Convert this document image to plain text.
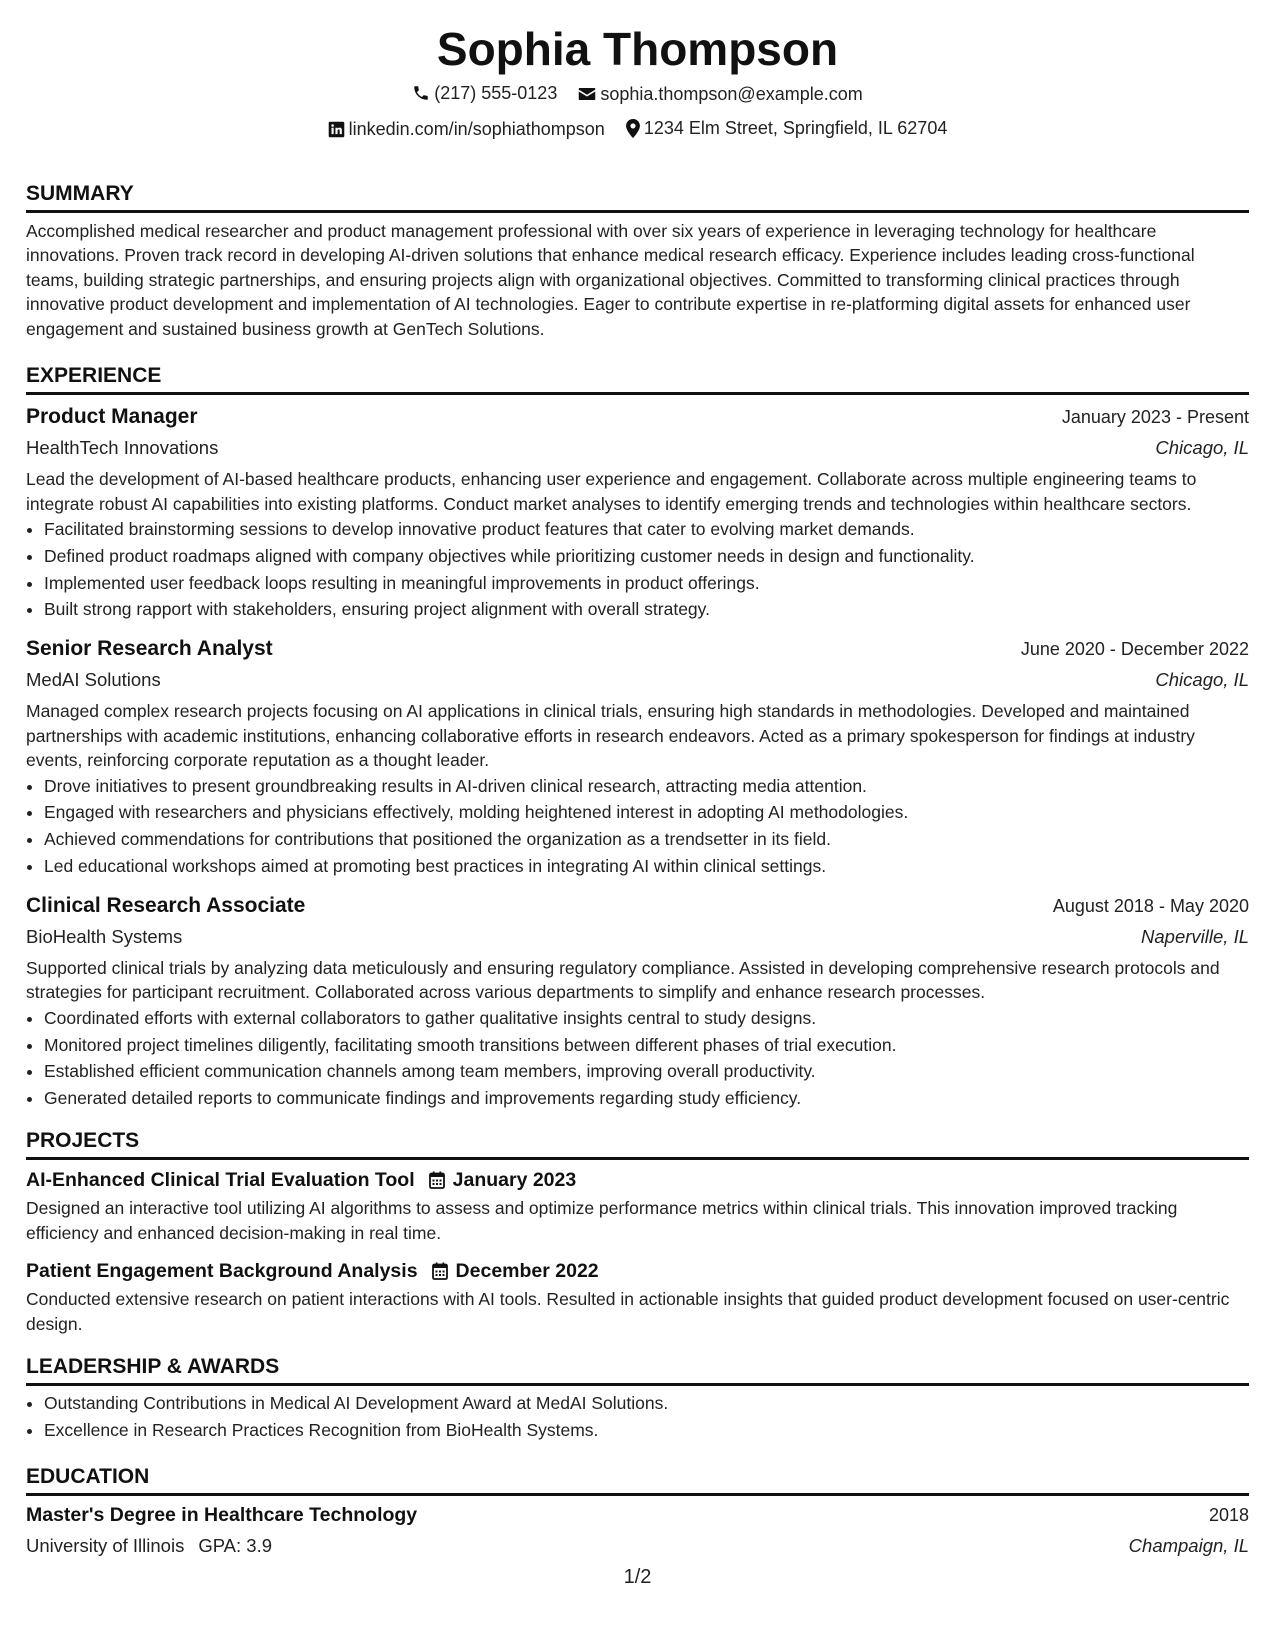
Sophia Thompson
(217) 555-0123
sophia.thompson@example.com
linkedin.com/in/sophiathompson
1234 Elm Street, Springfield, IL 62704
SUMMARY
Accomplished medical researcher and product management professional with over six years of experience in leveraging technology for healthcare innovations. Proven track record in developing AI-driven solutions that enhance medical research efficacy. Experience includes leading cross-functional teams, building strategic partnerships, and ensuring projects align with organizational objectives. Committed to transforming clinical practices through innovative product development and implementation of AI technologies. Eager to contribute expertise in re-platforming digital assets for enhanced user engagement and sustained business growth at GenTech Solutions.
EXPERIENCE
Product Manager	January 2023 - Present
HealthTech Innovations	Chicago, IL
Lead the development of AI-based healthcare products, enhancing user experience and engagement. Collaborate across multiple engineering teams to integrate robust AI capabilities into existing platforms. Conduct market analyses to identify emerging trends and technologies within healthcare sectors.
• Facilitated brainstorming sessions to develop innovative product features that cater to evolving market demands.
• Defined product roadmaps aligned with company objectives while prioritizing customer needs in design and functionality.
• Implemented user feedback loops resulting in meaningful improvements in product offerings.
• Built strong rapport with stakeholders, ensuring project alignment with overall strategy.
Senior Research Analyst	June 2020 - December 2022
MedAI Solutions	Chicago, IL
Managed complex research projects focusing on AI applications in clinical trials, ensuring high standards in methodologies. Developed and maintained partnerships with academic institutions, enhancing collaborative efforts in research endeavors. Acted as a primary spokesperson for findings at industry events, reinforcing corporate reputation as a thought leader.
• Drove initiatives to present groundbreaking results in AI-driven clinical research, attracting media attention.
• Engaged with researchers and physicians effectively, molding heightened interest in adopting AI methodologies.
• Achieved commendations for contributions that positioned the organization as a trendsetter in its field.
• Led educational workshops aimed at promoting best practices in integrating AI within clinical settings.
Clinical Research Associate	August 2018 - May 2020
BioHealth Systems	Naperville, IL
Supported clinical trials by analyzing data meticulously and ensuring regulatory compliance. Assisted in developing comprehensive research protocols and strategies for participant recruitment. Collaborated across various departments to simplify and enhance research processes.
• Coordinated efforts with external collaborators to gather qualitative insights central to study designs.
• Monitored project timelines diligently, facilitating smooth transitions between different phases of trial execution.
• Established efficient communication channels among team members, improving overall productivity.
• Generated detailed reports to communicate findings and improvements regarding study efficiency.
PROJECTS
AI-Enhanced Clinical Trial Evaluation Tool January 2023
Designed an interactive tool utilizing AI algorithms to assess and optimize performance metrics within clinical trials. This innovation improved tracking efficiency and enhanced decision-making in real time.
Patient Engagement Background Analysis December 2022
Conducted extensive research on patient interactions with AI tools. Resulted in actionable insights that guided product development focused on user-centric design.
LEADERSHIP & AWARDS
• Outstanding Contributions in Medical AI Development Award at MedAI Solutions.
• Excellence in Research Practices Recognition from BioHealth Systems.
EDUCATION
Master's Degree in Healthcare Technology	2018
University of Illinois GPA: 3.9	Champaign, IL
1/2
